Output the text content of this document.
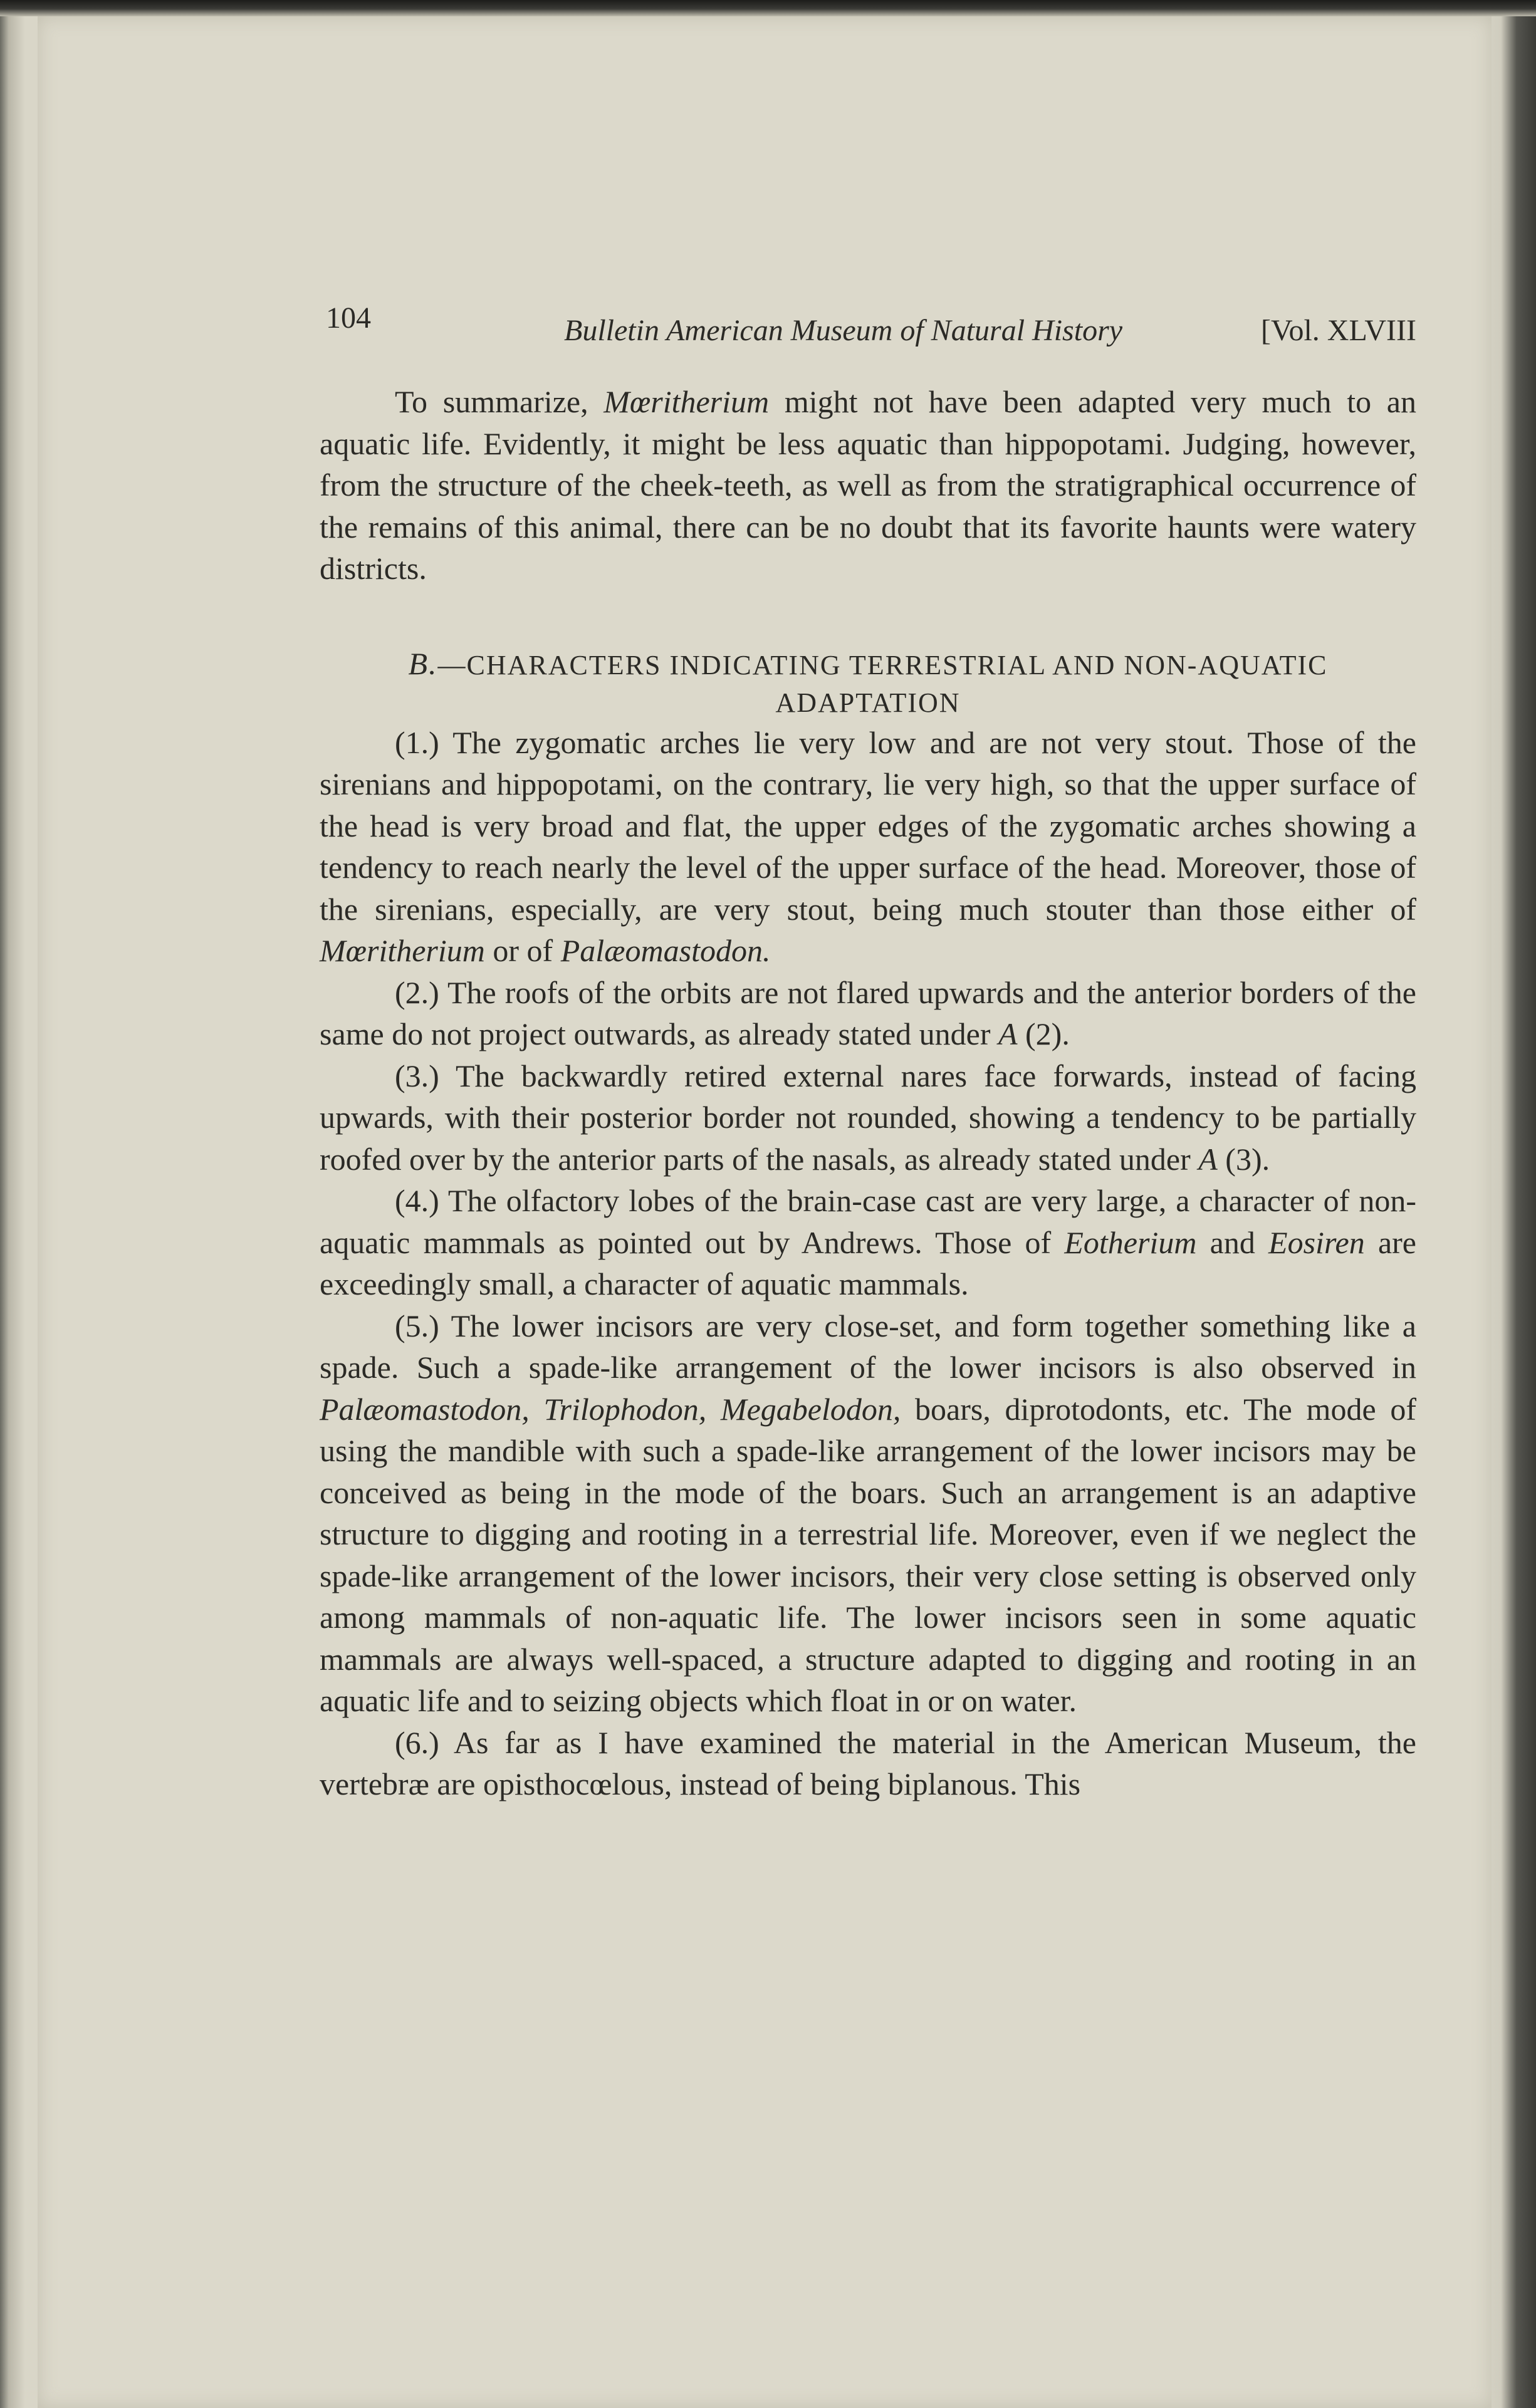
104	Bulletin American Museum of Natural History	[Vol. XLVIII

To summarize, Mœritherium might not have been adapted very much to an aquatic life. Evidently, it might be less aquatic than hippopotami. Judging, however, from the structure of the cheek-teeth, as well as from the stratigraphical occurrence of the remains of this animal, there can be no doubt that its favorite haunts were watery districts.

B.—CHARACTERS INDICATING TERRESTRIAL AND NON-AQUATIC
ADAPTATION

(1.) The zygomatic arches lie very low and are not very stout. Those of the sirenians and hippopotami, on the contrary, lie very high, so that the upper surface of the head is very broad and flat, the upper edges of the zygomatic arches showing a tendency to reach nearly the level of the upper surface of the head. Moreover, those of the sirenians, especially, are very stout, being much stouter than those either of Mœritherium or of Palæomastodon.

(2.) The roofs of the orbits are not flared upwards and the anterior borders of the same do not project outwards, as already stated under A (2).

(3.) The backwardly retired external nares face forwards, instead of facing upwards, with their posterior border not rounded, showing a tendency to be partially roofed over by the anterior parts of the nasals, as already stated under A (3).

(4.) The olfactory lobes of the brain-case cast are very large, a character of non-aquatic mammals as pointed out by Andrews. Those of Eotherium and Eosiren are exceedingly small, a character of aquatic mammals.

(5.) The lower incisors are very close-set, and form together something like a spade. Such a spade-like arrangement of the lower incisors is also observed in Palæomastodon, Trilophodon, Megabelodon, boars, diprotodonts, etc. The mode of using the mandible with such a spade-like arrangement of the lower incisors may be conceived as being in the mode of the boars. Such an arrangement is an adaptive structure to digging and rooting in a terrestrial life. Moreover, even if we neglect the spade-like arrangement of the lower incisors, their very close setting is observed only among mammals of non-aquatic life. The lower incisors seen in some aquatic mammals are always well-spaced, a structure adapted to digging and rooting in an aquatic life and to seizing objects which float in or on water.

(6.) As far as I have examined the material in the American Museum, the vertebræ are opisthocœlous, instead of being biplanous. This
